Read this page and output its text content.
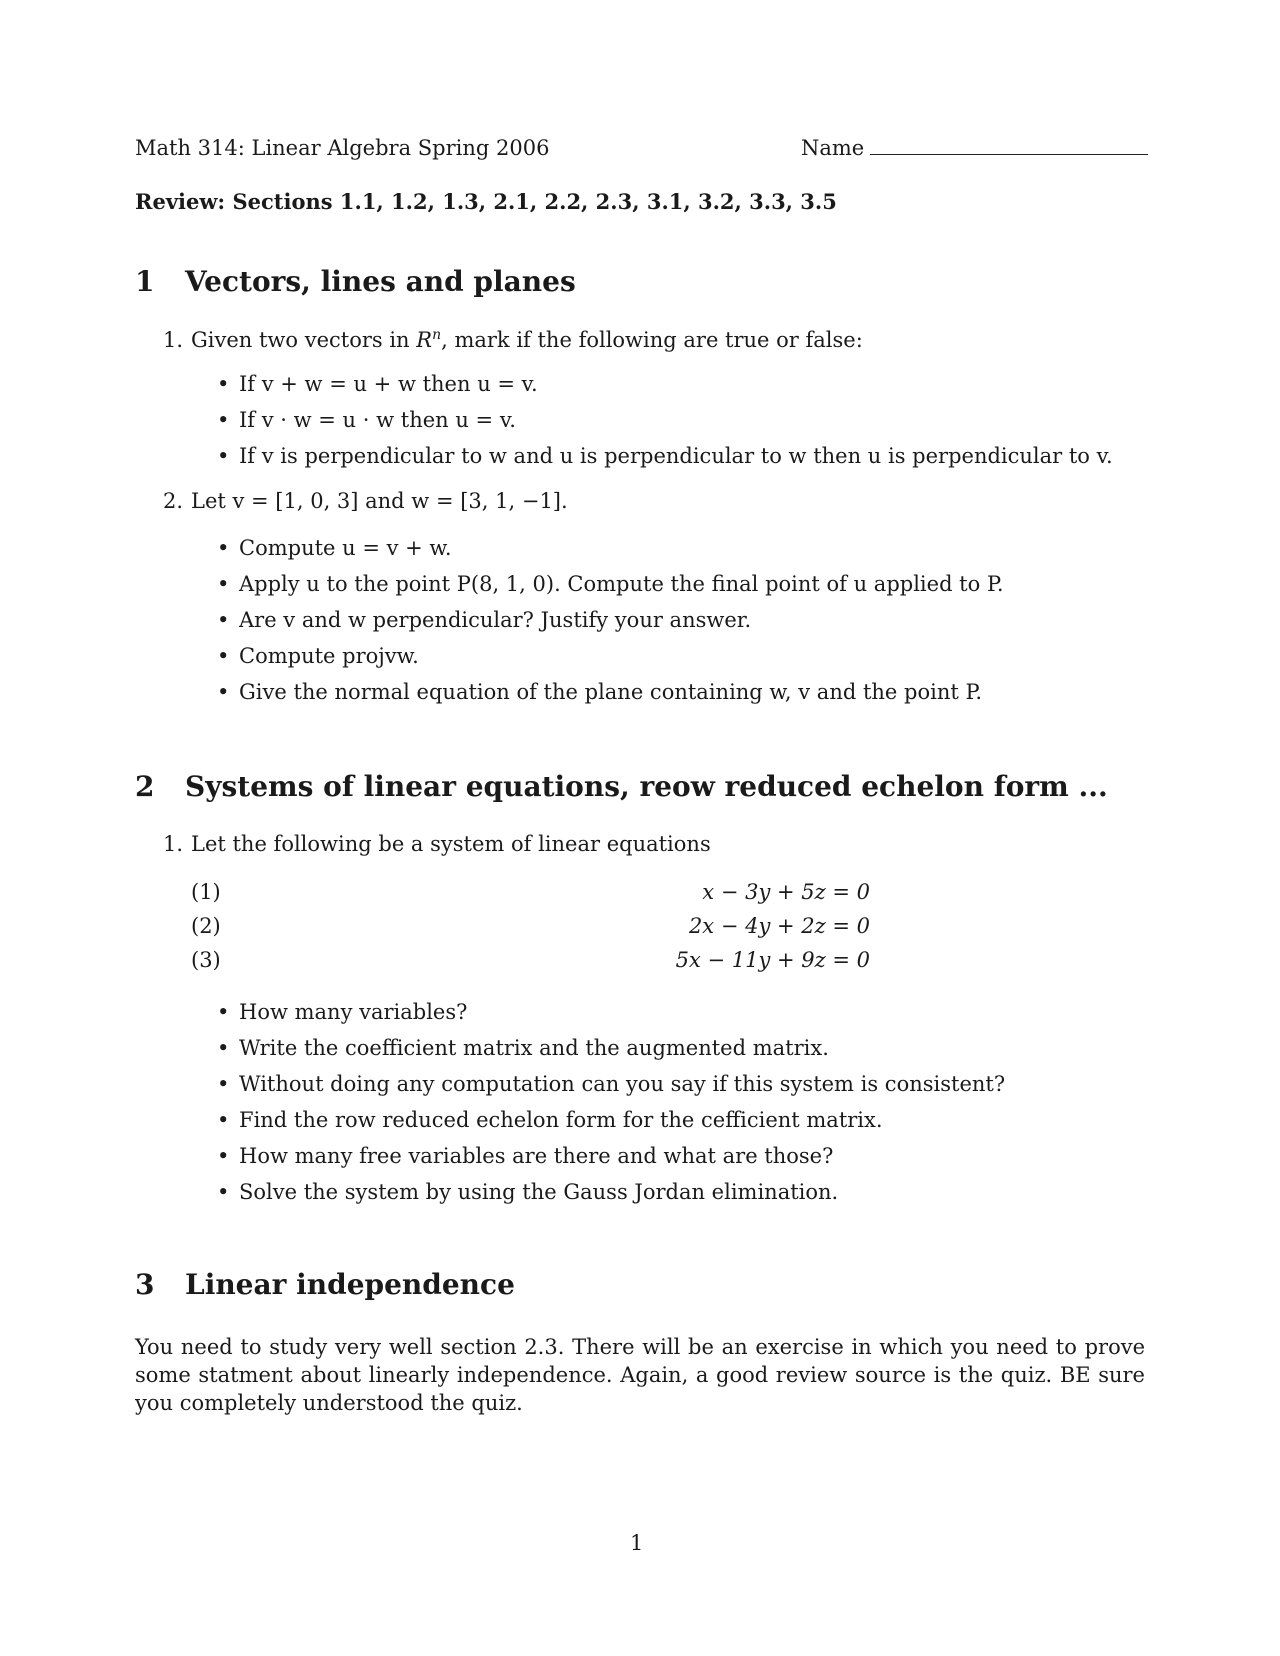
Math 314: Linear Algebra Spring 2006	Name
Review: Sections 1.1, 1.2, 1.3, 2.1, 2.2, 2.3, 3.1, 3.2, 3.3, 3.5
1 Vectors, lines and planes
1. Given two vectors in $R^n$, mark if the following are true or false:
• If v + w = u + w then u = v.
• If v · w = u · w then u = v.
• If v is perpendicular to w and u is perpendicular to w then u is perpendicular to v.
2. Let v = [1, 0, 3] and w = [3, 1, −1].
• Compute u = v + w.
• Apply u to the point P(8, 1, 0). Compute the final point of u applied to P.
• Are v and w perpendicular? Justify your answer.
• Compute projvw.
• Give the normal equation of the plane containing w, v and the point P.
2 Systems of linear equations, reow reduced echelon form ...
1. Let the following be a system of linear equations
(1)	x − 3y + 5z = 0
(2)	2x − 4y + 2z = 0
(3)	5x − 11y + 9z = 0
• How many variables?
• Write the coefficient matrix and the augmented matrix.
• Without doing any computation can you say if this system is consistent?
• Find the row reduced echelon form for the cefficient matrix.
• How many free variables are there and what are those?
• Solve the system by using the Gauss Jordan elimination.
3 Linear independence
You need to study very well section 2.3. There will be an exercise in which you need to prove some statment about linearly independence. Again, a good review source is the quiz. BE sure you completely understood the quiz.
1
